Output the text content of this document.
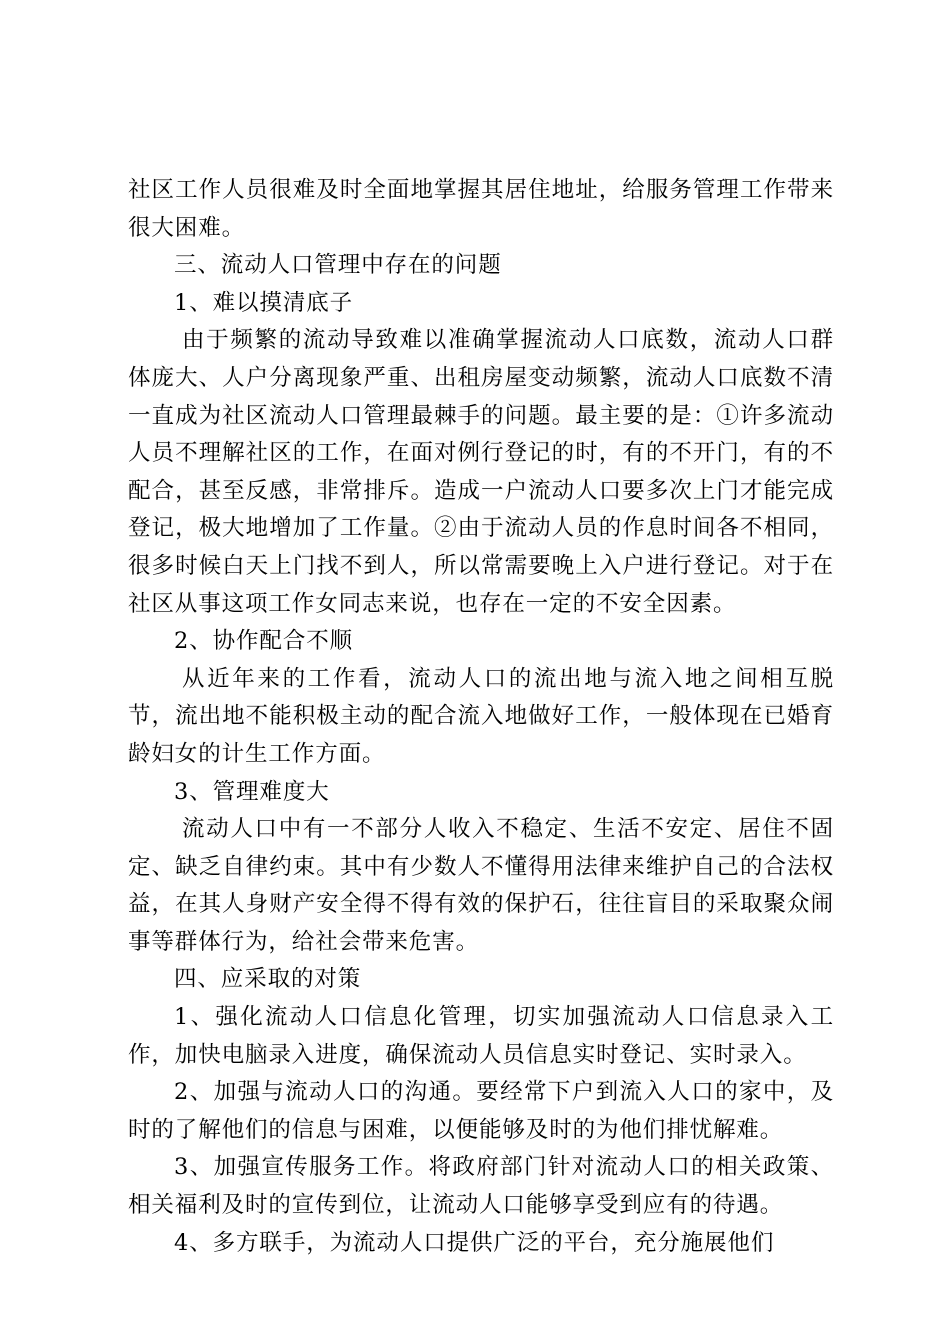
社区工作人员很难及时全面地掌握其居住地址，给服务管理工作带来很大困难。

三、流动人口管理中存在的问题

1、难以摸清底子

由于频繁的流动导致难以准确掌握流动人口底数，流动人口群体庞大、人户分离现象严重、出租房屋变动频繁，流动人口底数不清一直成为社区流动人口管理最棘手的问题。最主要的是：①许多流动人员不理解社区的工作，在面对例行登记的时，有的不开门，有的不配合，甚至反感，非常排斥。造成一户流动人口要多次上门才能完成登记，极大地增加了工作量。②由于流动人员的作息时间各不相同，很多时候白天上门找不到人，所以常需要晚上入户进行登记。对于在社区从事这项工作女同志来说，也存在一定的不安全因素。

2、协作配合不顺

从近年来的工作看，流动人口的流出地与流入地之间相互脱节，流出地不能积极主动的配合流入地做好工作，一般体现在已婚育龄妇女的计生工作方面。

3、管理难度大

流动人口中有一不部分人收入不稳定、生活不安定、居住不固定、缺乏自律约束。其中有少数人不懂得用法律来维护自己的合法权益，在其人身财产安全得不得有效的保护石，往往盲目的采取聚众闹事等群体行为，给社会带来危害。

四、应采取的对策

1、强化流动人口信息化管理，切实加强流动人口信息录入工作，加快电脑录入进度，确保流动人员信息实时登记、实时录入。

2、加强与流动人口的沟通。要经常下户到流入人口的家中，及时的了解他们的信息与困难，以便能够及时的为他们排忧解难。

3、加强宣传服务工作。将政府部门针对流动人口的相关政策、相关福利及时的宣传到位，让流动人口能够享受到应有的待遇。

4、多方联手，为流动人口提供广泛的平台，充分施展他们
